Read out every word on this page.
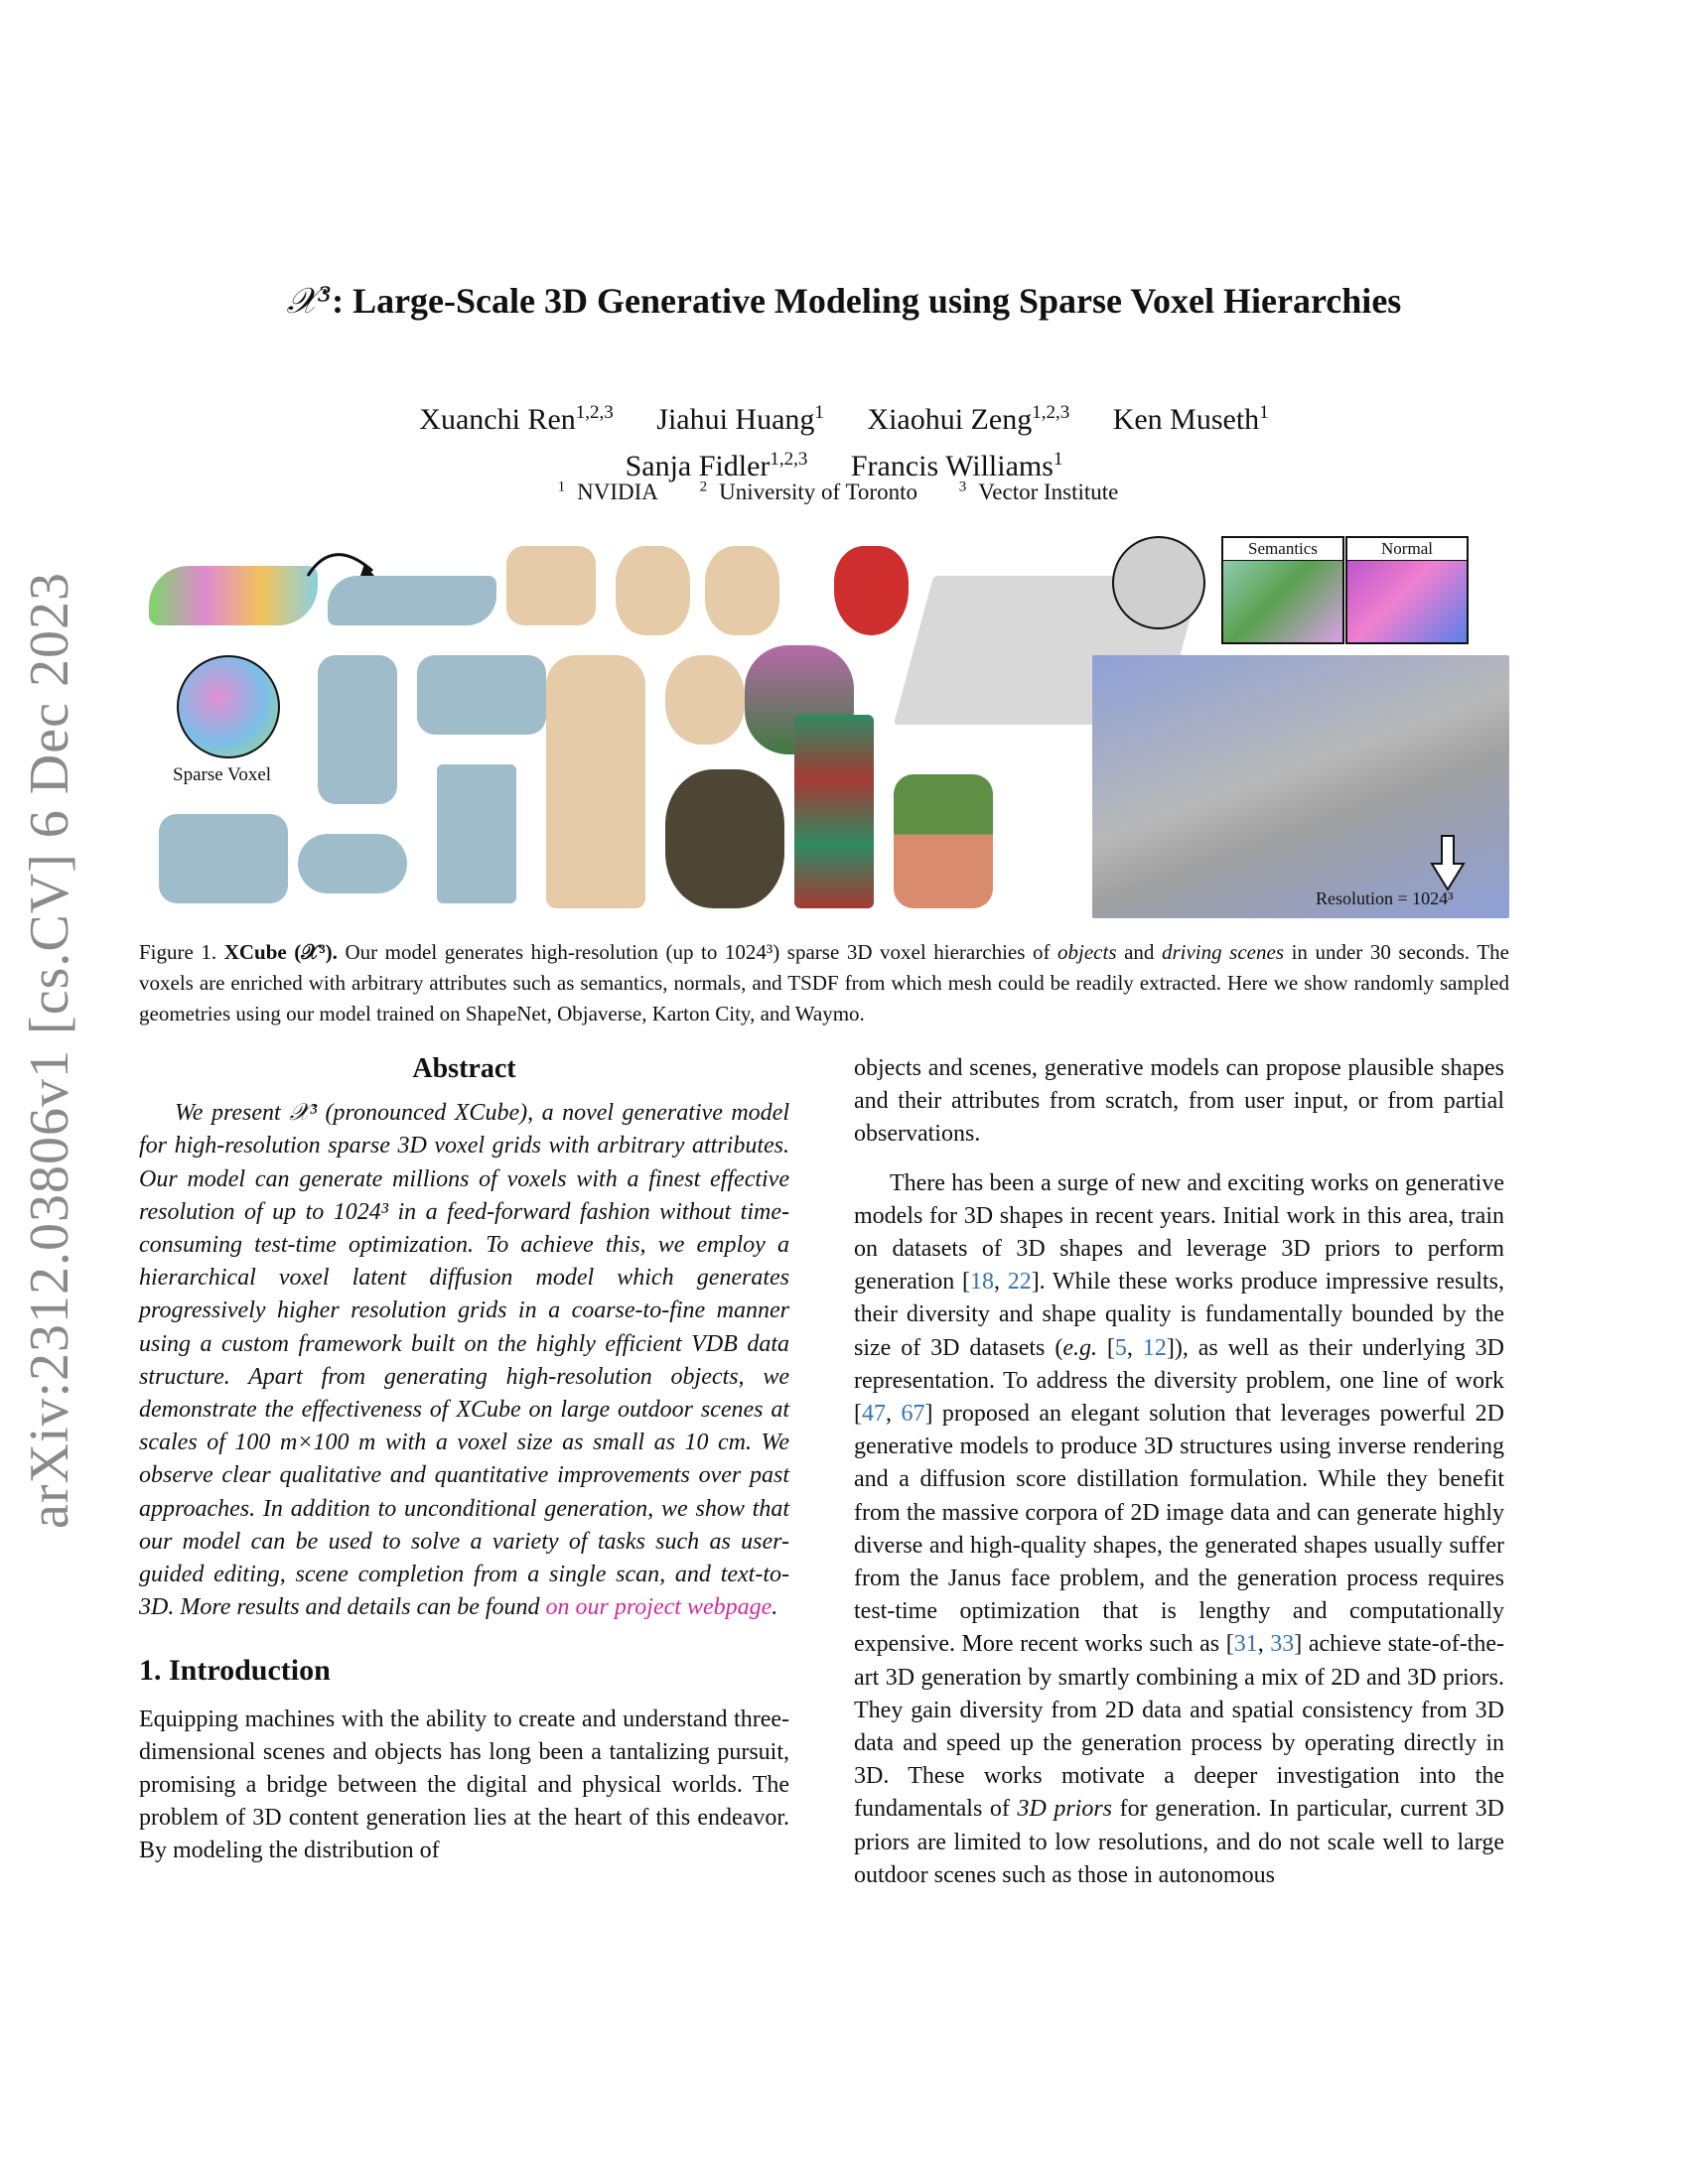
arXiv:2312.03806v1 [cs.CV] 6 Dec 2023
𝒳³: Large-Scale 3D Generative Modeling using Sparse Voxel Hierarchies
Xuanchi Ren$^{1,2,3}$ Jiahui Huang$^1$ Xiaohui Zeng$^{1,2,3}$ Ken Museth$^1$
Sanja Fidler$^{1,2,3}$ Francis Williams$^1$
$^1$ NVIDIA	$^2$ University of Toronto	$^3$ Vector Institute
Sparse Voxel
Semantics	Normal
Resolution = 1024³
Figure 1. XCube (𝒳³). Our model generates high-resolution (up to 1024³) sparse 3D voxel hierarchies of objects and driving scenes in under 30 seconds. The voxels are enriched with arbitrary attributes such as semantics, normals, and TSDF from which mesh could be readily extracted. Here we show randomly sampled geometries using our model trained on ShapeNet, Objaverse, Karton City, and Waymo.
Abstract

We present 𝒳³ (pronounced XCube), a novel generative model for high-resolution sparse 3D voxel grids with arbitrary attributes. Our model can generate millions of voxels with a finest effective resolution of up to 1024³ in a feed-forward fashion without time-consuming test-time optimization. To achieve this, we employ a hierarchical voxel latent diffusion model which generates progressively higher resolution grids in a coarse-to-fine manner using a custom framework built on the highly efficient VDB data structure. Apart from generating high-resolution objects, we demonstrate the effectiveness of XCube on large outdoor scenes at scales of 100 m×100 m with a voxel size as small as 10 cm. We observe clear qualitative and quantitative improvements over past approaches. In addition to unconditional generation, we show that our model can be used to solve a variety of tasks such as user-guided editing, scene completion from a single scan, and text-to-3D. More results and details can be found on our project webpage.

1. Introduction

Equipping machines with the ability to create and understand three-dimensional scenes and objects has long been a tantalizing pursuit, promising a bridge between the digital and physical worlds. The problem of 3D content generation lies at the heart of this endeavor. By modeling the distribution of

objects and scenes, generative models can propose plausible shapes and their attributes from scratch, from user input, or from partial observations.

There has been a surge of new and exciting works on generative models for 3D shapes in recent years. Initial work in this area, train on datasets of 3D shapes and leverage 3D priors to perform generation [18, 22]. While these works produce impressive results, their diversity and shape quality is fundamentally bounded by the size of 3D datasets (e.g. [5, 12]), as well as their underlying 3D representation. To address the diversity problem, one line of work [47, 67] proposed an elegant solution that leverages powerful 2D generative models to produce 3D structures using inverse rendering and a diffusion score distillation formulation. While they benefit from the massive corpora of 2D image data and can generate highly diverse and high-quality shapes, the generated shapes usually suffer from the Janus face problem, and the generation process requires test-time optimization that is lengthy and computationally expensive. More recent works such as [31, 33] achieve state-of-the-art 3D generation by smartly combining a mix of 2D and 3D priors. They gain diversity from 2D data and spatial consistency from 3D data and speed up the generation process by operating directly in 3D. These works motivate a deeper investigation into the fundamentals of 3D priors for generation. In particular, current 3D priors are limited to low resolutions, and do not scale well to large outdoor scenes such as those in autonomous
